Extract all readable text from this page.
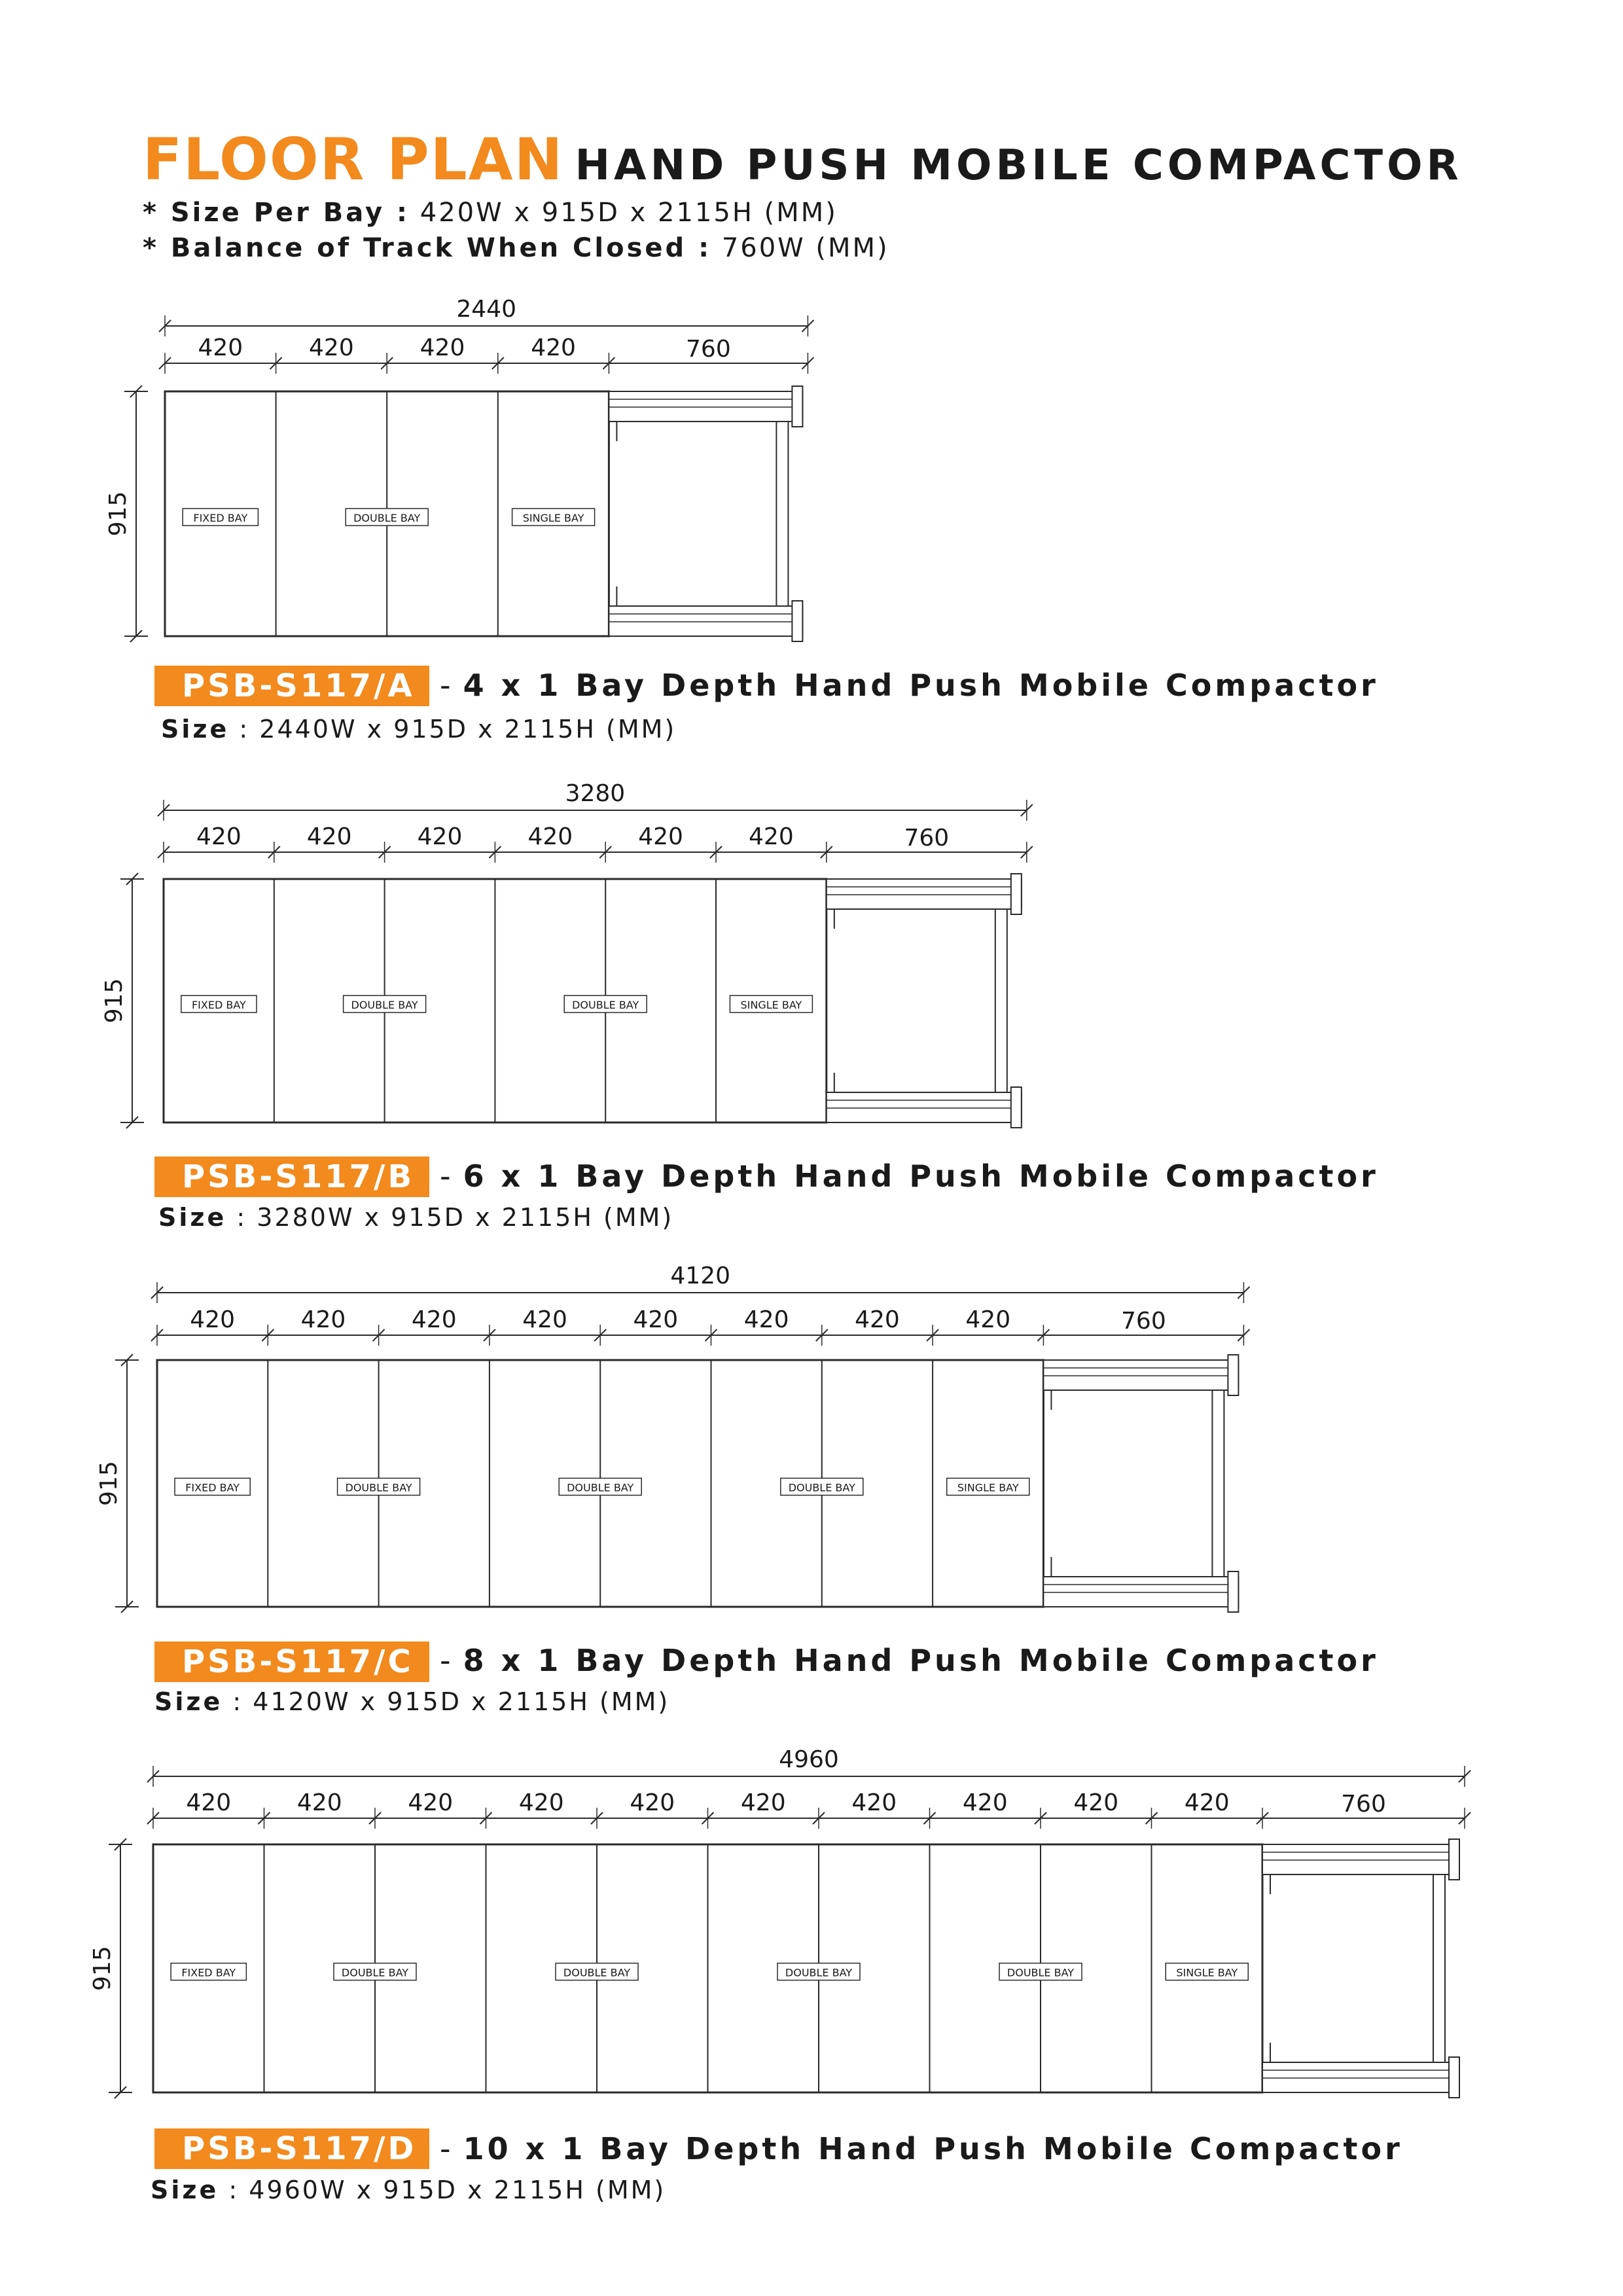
FLOOR PLAN HAND PUSH MOBILE COMPACTOR
* Size Per Bay : 420W x 915D x 2115H (MM)
* Balance of Track When Closed : 760W (MM)
2440
420	420	420	420	760
915	FIXED BAY	DOUBLE BAY	SINGLE BAY
PSB-S117/A - 4 x 1 Bay Depth Hand Push Mobile Compactor
Size : 2440W x 915D x 2115H (MM)
3280
420	420	420	420	420	420	760
915	FIXED BAY	DOUBLE BAY	DOUBLE BAY	SINGLE BAY
PSB-S117/B - 6 x 1 Bay Depth Hand Push Mobile Compactor
Size : 3280W x 915D x 2115H (MM)
4120
420	420	420	420	420	420	420	420	760
915	FIXED BAY	DOUBLE BAY	DOUBLE BAY	DOUBLE BAY	SINGLE BAY
PSB-S117/C - 8 x 1 Bay Depth Hand Push Mobile Compactor
Size : 4120W x 915D x 2115H (MM)
4960
420	420	420	420	420	420	420	420	420	420	760
915	FIXED BAY	DOUBLE BAY	DOUBLE BAY	DOUBLE BAY	DOUBLE BAY	SINGLE BAY
PSB-S117/D - 10 x 1 Bay Depth Hand Push Mobile Compactor
Size : 4960W x 915D x 2115H (MM)
